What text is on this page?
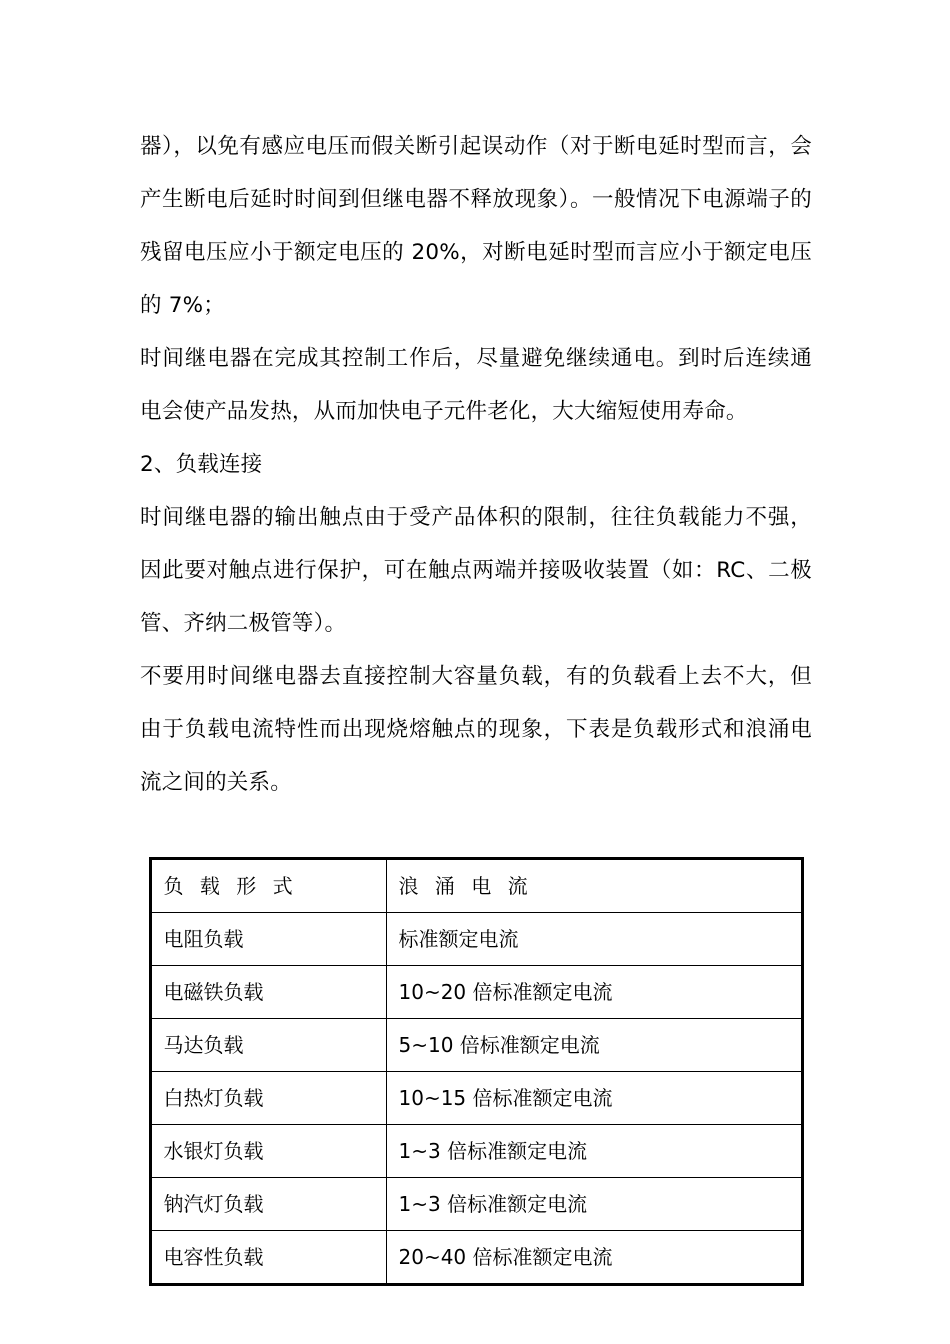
器），以免有感应电压而假关断引起误动作（对于断电延时型而言，会产生断电后延时时间到但继电器不释放现象）。一般情况下电源端子的残留电压应小于额定电压的 20%，对断电延时型而言应小于额定电压的 7%；

时间继电器在完成其控制工作后，尽量避免继续通电。到时后连续通电会使产品发热，从而加快电子元件老化，大大缩短使用寿命。

2、负载连接

时间继电器的输出触点由于受产品体积的限制，往往负载能力不强，因此要对触点进行保护，可在触点两端并接吸收装置（如：RC、二极管、齐纳二极管等）。

不要用时间继电器去直接控制大容量负载，有的负载看上去不大，但由于负载电流特性而出现烧熔触点的现象，下表是负载形式和浪涌电流之间的关系。

负 载 形 式	浪 涌 电 流
电阻负载	标准额定电流
电磁铁负载	10~20 倍标准额定电流
马达负载	5~10 倍标准额定电流
白热灯负载	10~15 倍标准额定电流
水银灯负载	1~3 倍标准额定电流
钠汽灯负载	1~3 倍标准额定电流
电容性负载	20~40 倍标准额定电流
